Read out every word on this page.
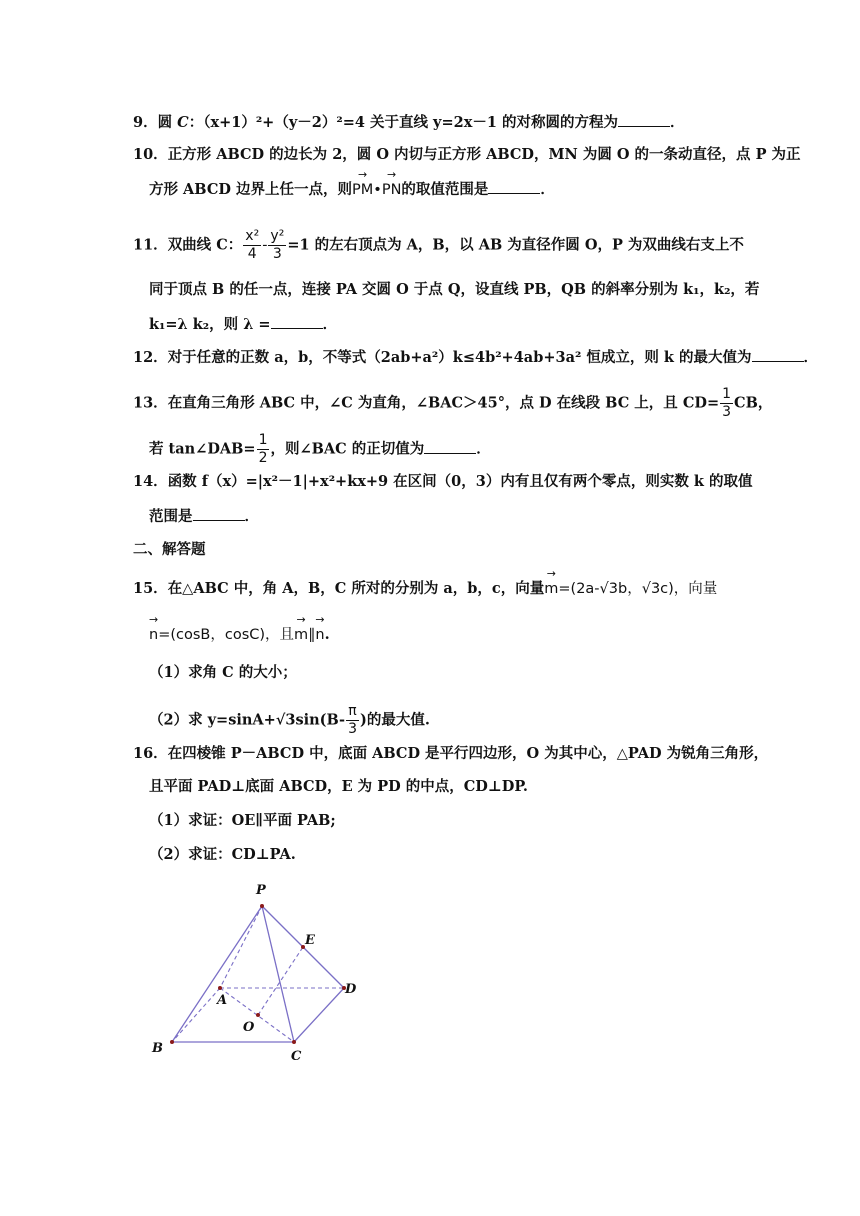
9．圆 C：（x+1）²+（y－2）²=4 关于直线 y=2x－1 的对称圆的方程为	．
10．正方形 ABCD 的边长为 2，圆 O 内切与正方形 ABCD，MN 为圆 O 的一条动直径，点 P 为正
方形 ABCD 边界上任一点，则→ PM•→ PN的取值范围是	．
11．双曲线 C： $\frac{\text{x²}}{4} - \frac{\text{y²}}{3} =1$ 的左右顶点为 A，B，以 AB 为直径作圆 O，P 为双曲线右支上不
同于顶点 B 的任一点，连接 PA 交圆 O 于点 Q，设直线 PB，QB 的斜率分别为 k₁，k₂，若
k₁=λ k₂，则 λ =	．
12．对于任意的正数 a，b，不等式（2ab+a²）k≤4b²+4ab+3a² 恒成立，则 k 的最大值为	．
13．在直角三角形 ABC 中，∠C 为直角，∠BAC＞45°，点 D 在线段 BC 上，且 $CD= \frac{1}{3}$ CB，
若 tan∠DAB= $\frac{1}{2}$ ，则∠BAC 的正切值为	．
14．函数 f（x）=|x²－1|+x²+kx+9 在区间（0，3）内有且仅有两个零点，则实数 k 的取值
范围是	．
二、解答题
15．在△ABC 中，角 A，B，C 所对的分别为 a，b，c，向量→ m=(2a-√3b，√3c)，向量
→ n=(cosB，cosC)，且→ m∥→ n.
（1）求角 C 的大小；
（2）求 $y=\sin A+√3\sin(B- \frac{\pi}{3}$ )的最大值.
16．在四棱锥 P－ABCD 中，底面 ABCD 是平行四边形，O 为其中心，△PAD 为锐角三角形，
且平面 PAD⊥底面 ABCD，E 为 PD 的中点，CD⊥DP.
（1）求证：OE∥平面 PAB;
（2）求证：CD⊥PA.
P
A
B
C
D
E
O
